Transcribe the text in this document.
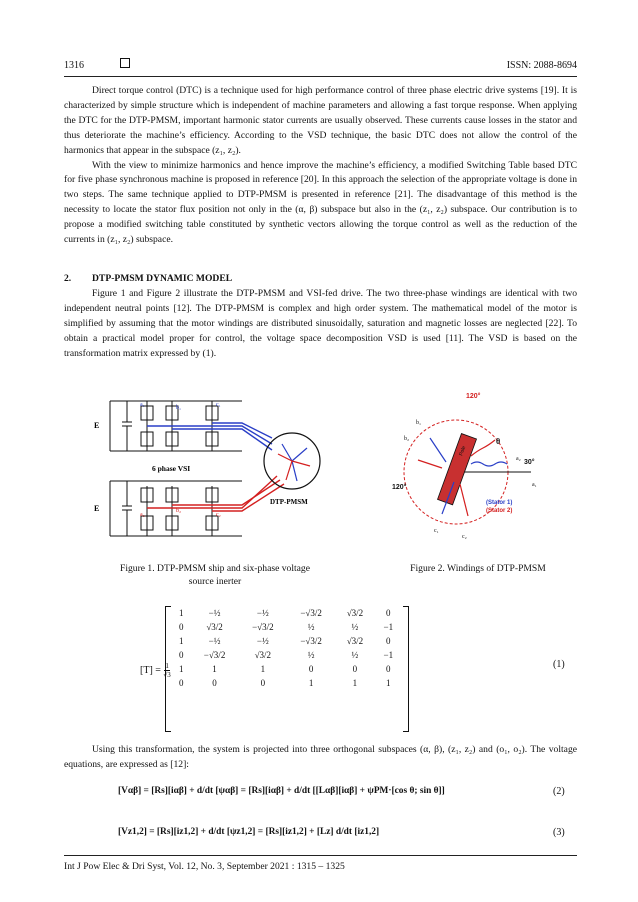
1316	ISSN: 2088-8694

Direct torque control (DTC) is a technique used for high performance control of three phase electric drive systems [19]. It is characterized by simple structure which is independent of machine parameters and allowing a fast torque response. When applying the DTC for the DTP-PMSM, important harmonic stator currents are usually observed. These currents cause losses in the stator and thus deteriorate the machine’s efficiency. According to the VSD technique, the basic DTC does not allow the control of the harmonics that appear in the subspace (z₁, z₂).

With the view to minimize harmonics and hence improve the machine’s efficiency, a modified Switching Table based DTC for five phase synchronous machine is proposed in reference [20]. In this approach the selection of the appropriate voltage is done in two steps. The same technique applied to DTP-PMSM is presented in reference [21]. The disadvantage of this method is the necessity to locate the stator flux position not only in the (α, β) subspace but also in the (z₁, z₂) subspace. Our contribution is to propose a modified switching table constituted by synthetic vectors allowing the torque control as well as the reduction of the currents in (z₁, z₂) subspace.

2. DTP-PMSM DYNAMIC MODEL

Figure 1 and Figure 2 illustrate the DTP-PMSM and VSI-fed drive. The two three-phase windings are identical with two independent neutral points [12]. The DTP-PMSM is complex and high order system. The mathematical model of the motor is simplified by assuming that the motor windings are distributed sinusoidally, saturation and magnetic losses are neglected [22]. To obtain a practical model proper for control, the voltage space decomposition VSD is used [11]. The VSD is based on the transformation matrix expressed by (1).

E
E
6 phase VSI
DTP-PMSM
a₁	b₁	c₁
a₂
b₂
c₂
120°
120°
30°
θ
Pole
(Stator 1)
(Stator 2)
a₁
a₂
b₁
b₂
c₁
c₂
Figure 1. DTP-PMSM ship and six-phase voltage
source inerter
Figure 2. Windings of DTP-PMSM
$[T] = \frac{1}{√3}$
1	−½	−½	−√3/2	√3/2	0
0	√3/2	−√3/2	½	½	−1
1	−½	−½	−√3/2	√3/2	0
0	−√3/2	√3/2	½	½	−1
1	1	1	0	0	0
0	0	0	1	1	1
(1)

Using this transformation, the system is projected into three orthogonal subspaces (α, β), (z₁, z₂) and (o₁, o₂). The voltage equations, are expressed as [12]:

[Vαβ] = [Rs][iαβ] + d/dt [ψαβ] = [Rs][iαβ] + d/dt [[Lαβ][iαβ] + ψPM·[cos θ; sin θ]]	(2)
[Vz1,2] = [Rs][iz1,2] + d/dt [ψz1,2] = [Rs][iz1,2] + [Lz] d/dt [iz1,2]	(3)
Int J Pow Elec & Dri Syst, Vol. 12, No. 3, September 2021 : 1315 – 1325
